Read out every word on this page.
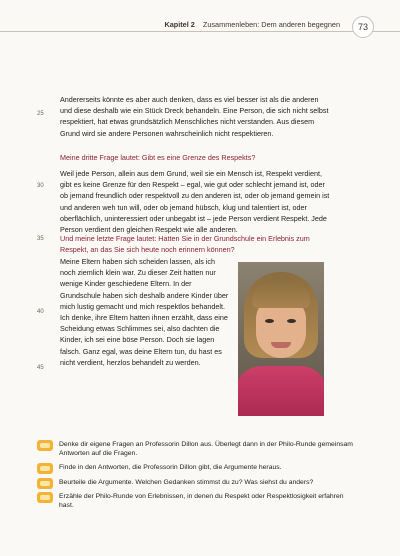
Kapitel 2 Zusammenleben: Dem anderen begegnen	73
Andererseits könnte es aber auch denken, dass es viel besser ist als die anderen und diese deshalb wie ein Stück Dreck behandeln. Eine Person, die sich nicht selbst respektiert, hat etwas grundsätzlich Menschliches nicht verstanden. Aus diesem Grund wird sie andere Personen wahrscheinlich nicht respektieren.
Meine dritte Frage lautet: Gibt es eine Grenze des Respekts?
Weil jede Person, allein aus dem Grund, weil sie ein Mensch ist, Respekt verdient, gibt es keine Grenze für den Respekt – egal, wie gut oder schlecht jemand ist, oder ob jemand freundlich oder respektvoll zu den anderen ist, oder ob jemand gemein ist und anderen weh tun will, oder ob jemand hübsch, klug und talentiert ist, oder oberflächlich, uninteressiert oder unbegabt ist – jede Person verdient Respekt. Jede Person verdient den gleichen Respekt wie alle anderen.
Und meine letzte Frage lautet: Hatten Sie in der Grundschule ein Erlebnis zum Respekt, an das Sie sich heute noch erinnern können?
Meine Eltern haben sich scheiden lassen, als ich noch ziemlich klein war. Zu dieser Zeit hatten nur wenige Kinder geschiedene Eltern. In der Grundschule haben sich deshalb andere Kinder über mich lustig gemacht und mich respektlos behandelt. Ich denke, ihre Eltern hatten ihnen erzählt, dass eine Scheidung etwas Schlimmes sei, also dachten die Kinder, ich sei eine böse Person. Doch sie lagen falsch. Ganz egal, was deine Eltern tun, du hast es nicht verdient, herzlos behandelt zu werden.
25
30
35
40
45
Denke dir eigene Fragen an Professorin Dillon aus. Überlegt dann in der Philo-Runde gemeinsam Antworten auf die Fragen.
Finde in den Antworten, die Professorin Dillon gibt, die Argumente heraus.
Beurteile die Argumente. Welchen Gedanken stimmst du zu? Was siehst du anders?
Erzähle der Philo-Runde von Erlebnissen, in denen du Respekt oder Respektlosigkeit erfahren hast.
